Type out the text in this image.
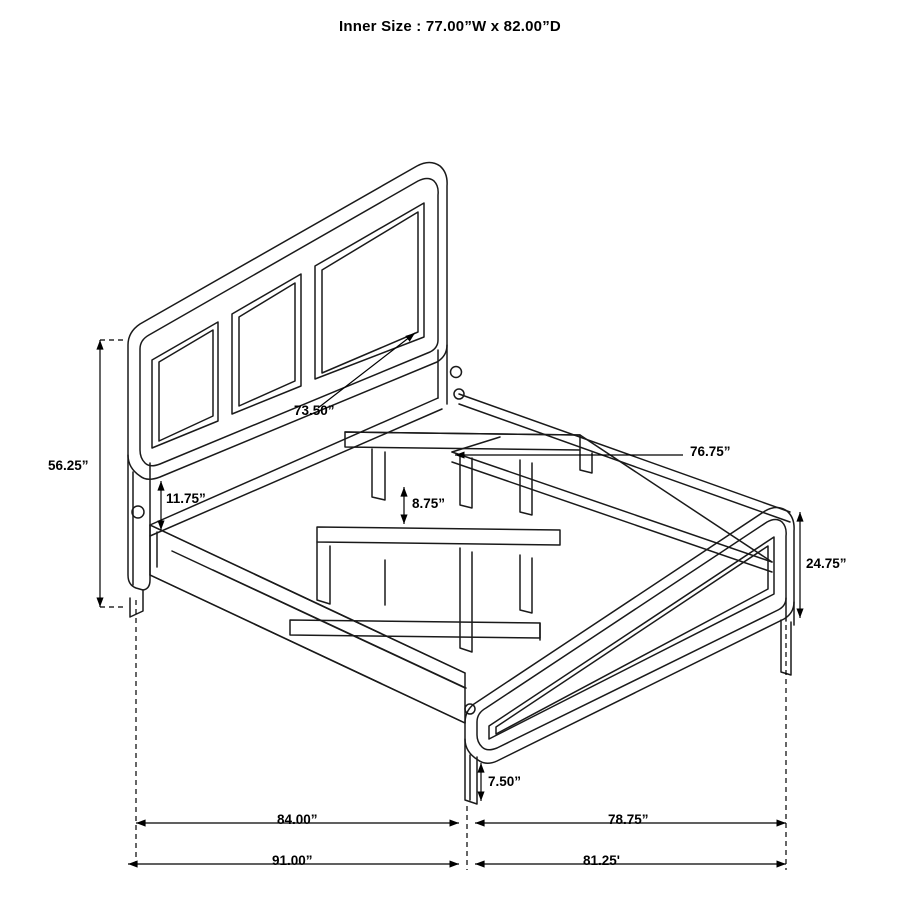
Inner Size : 77.00”W x 82.00”D
73.50”
76.75”
56.25”
11.75”	8.75”
24.75”
7.50”
84.00”	78.75”
91.00”	81.25'
